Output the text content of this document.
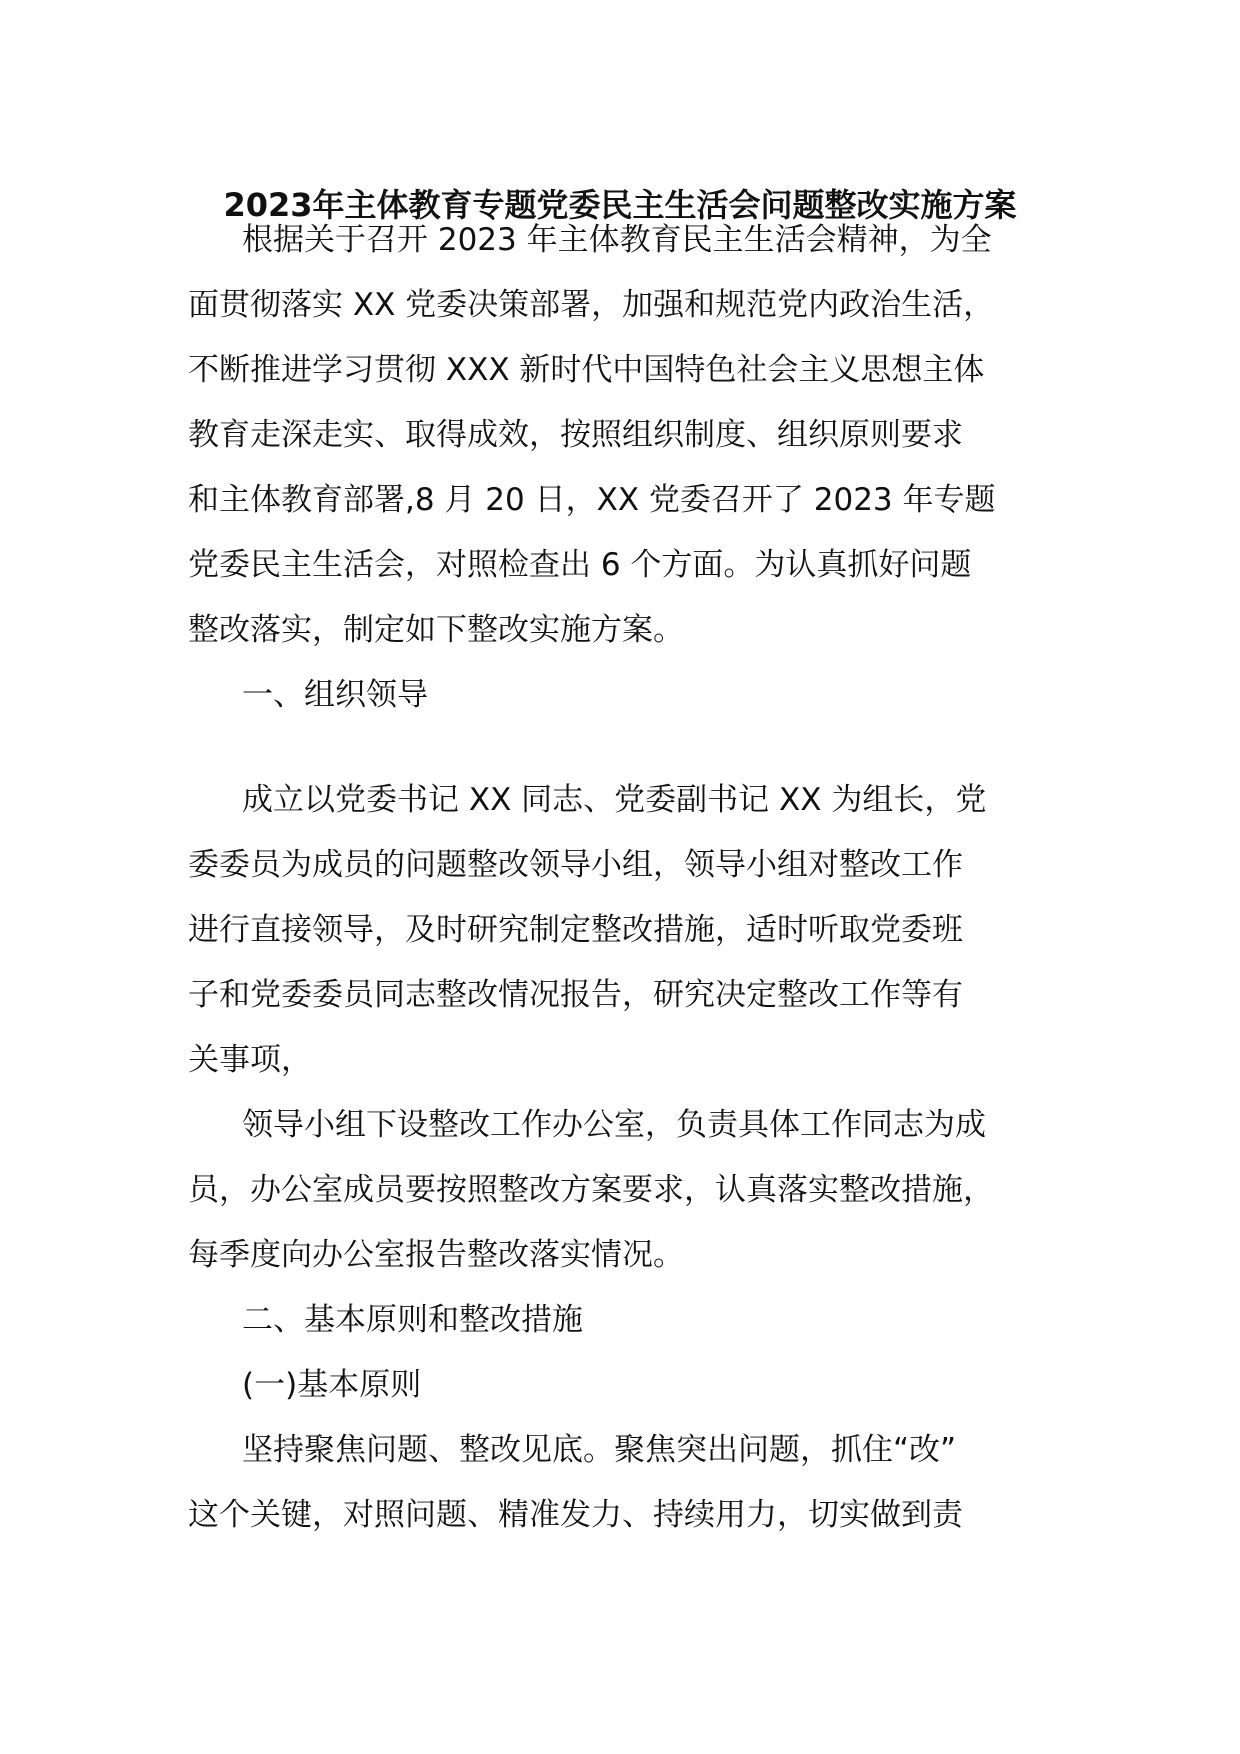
2023年主体教育专题党委民主生活会问题整改实施方案
根据关于召开 2023 年主体教育民主生活会精神，为全
面贯彻落实 XX 党委决策部署，加强和规范党内政治生活，
不断推进学习贯彻 XXX 新时代中国特色社会主义思想主体
教育走深走实、取得成效，按照组织制度、组织原则要求
和主体教育部署,8 月 20 日，XX 党委召开了 2023 年专题
党委民主生活会，对照检查出 6 个方面。为认真抓好问题
整改落实，制定如下整改实施方案。
一、组织领导
成立以党委书记 XX 同志、党委副书记 XX 为组长，党
委委员为成员的问题整改领导小组，领导小组对整改工作
进行直接领导，及时研究制定整改措施，适时听取党委班
子和党委委员同志整改情况报告，研究决定整改工作等有
关事项，
领导小组下设整改工作办公室，负责具体工作同志为成
员，办公室成员要按照整改方案要求，认真落实整改措施，
每季度向办公室报告整改落实情况。
二、基本原则和整改措施
(一)基本原则
坚持聚焦问题、整改见底。聚焦突出问题，抓住“改”
这个关键，对照问题、精准发力、持续用力，切实做到责
